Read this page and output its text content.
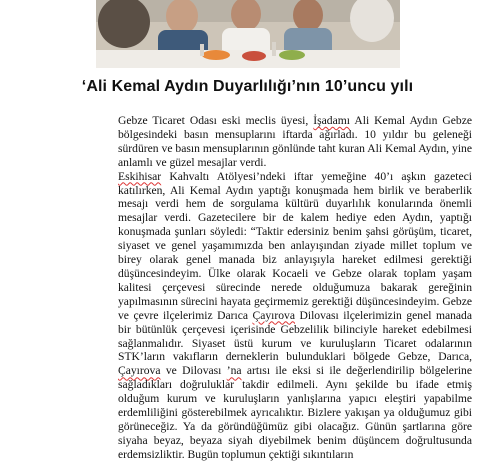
‘Ali Kemal Aydın Duyarlılığı’nın 10’uncu yılı

Gebze Ticaret Odası eski meclis üyesi, İşadamı Ali Kemal Aydın Gebze bölgesindeki basın mensuplarını iftarda ağırladı. 10 yıldır bu geleneği sürdüren ve basın mensuplarının gönlünde taht kuran Ali Kemal Aydın, yine anlamlı ve güzel mesajlar verdi.

Eskihisar Kahvaltı Atölyesi’ndeki iftar yemeğine 40’ı aşkın gazeteci katılırken, Ali Kemal Aydın yaptığı konuşmada hem birlik ve beraberlik mesajı verdi hem de sorgulama kültürü duyarlılık konularında önemli mesajlar verdi. Gazetecilere bir de kalem hediye eden Aydın, yaptığı konuşmada şunları söyledi: “Taktir edersiniz benim şahsi görüşüm, ticaret, siyaset ve genel yaşamımızda ben anlayışından ziyade millet toplum ve birey olarak genel manada biz anlayışıyla hareket edilmesi gerektiği düşüncesindeyim. Ülke olarak Kocaeli ve Gebze olarak toplam yaşam kalitesi çerçevesi sürecinde nerede olduğumuza bakarak gereğinin yapılmasının sürecini hayata geçirmemiz gerektiği düşüncesindeyim. Gebze ve çevre ilçelerimiz Darıca Çayırova Dilovası ilçelerimizin genel manada bir bütünlük çerçevesi içerisinde Gebzelilik bilinciyle hareket edebilmesi sağlanmalıdır. Siyaset üstü kurum ve kuruluşların Ticaret odalarının STK’ların vakıfların derneklerin bulunduklari bölgede Gebze, Darıca, Çayırova ve Dilovası ’na artısı ile eksi si ile değerlendirilip bölgelerine sağladıkları doğruluklar takdir edilmeli. Aynı şekilde bu ifade etmiş olduğum kurum ve kuruluşların yanlışlarına yapıcı eleştiri yapabilme erdemliliğini gösterebilmek ayrıcalıktır. Bizlere yakışan ya olduğumuz gibi görüneceğiz. Ya da göründüğümüz gibi olacağız. Günün şartlarına göre siyaha beyaz, beyaza siyah diyebilmek benim düşüncem doğrultusunda erdemsizliktir. Bugün toplumun çektiği sıkıntıların
